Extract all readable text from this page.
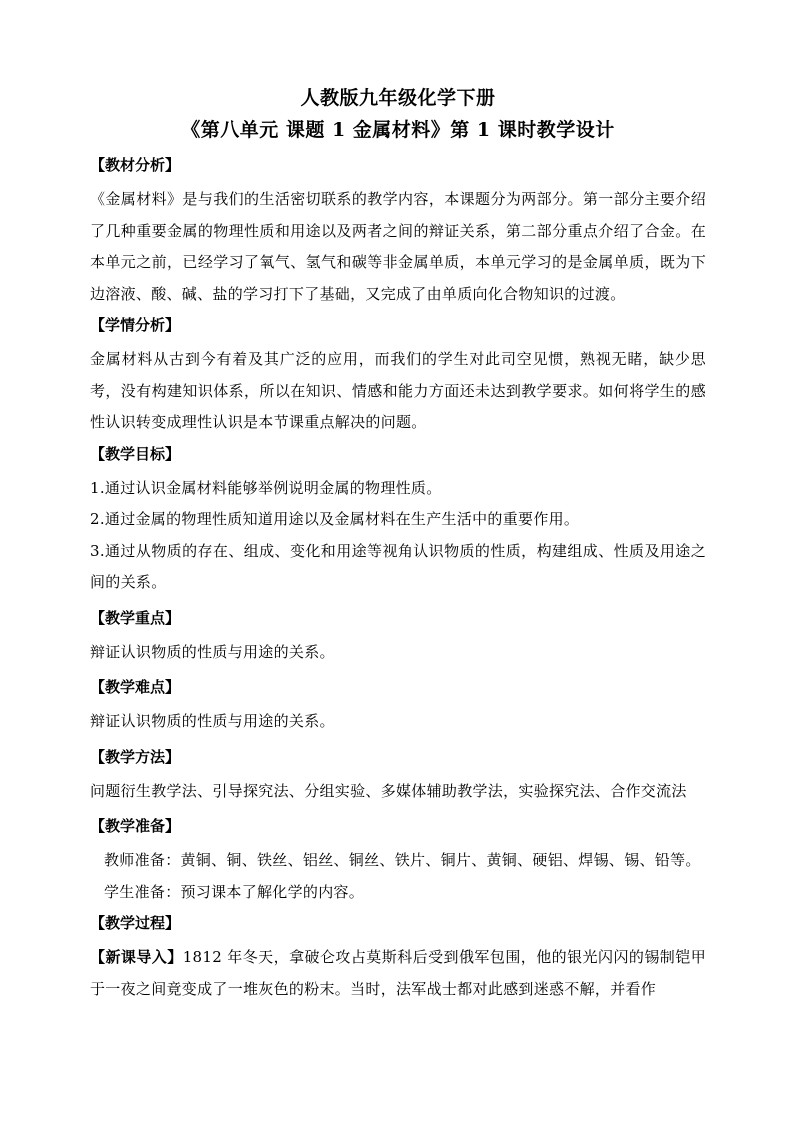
人教版九年级化学下册
《第八单元 课题 1 金属材料》第 1 课时教学设计

【教材分析】

《金属材料》是与我们的生活密切联系的教学内容，本课题分为两部分。第一部分主要介绍了几种重要金属的物理性质和用途以及两者之间的辩证关系，第二部分重点介绍了合金。在本单元之前，已经学习了氧气、氢气和碳等非金属单质，本单元学习的是金属单质，既为下边溶液、酸、碱、盐的学习打下了基础，又完成了由单质向化合物知识的过渡。

【学情分析】

金属材料从古到今有着及其广泛的应用，而我们的学生对此司空见惯，熟视无睹，缺少思考，没有构建知识体系，所以在知识、情感和能力方面还未达到教学要求。如何将学生的感性认识转变成理性认识是本节课重点解决的问题。

【教学目标】

1.通过认识金属材料能够举例说明金属的物理性质。

2.通过金属的物理性质知道用途以及金属材料在生产生活中的重要作用。

3.通过从物质的存在、组成、变化和用途等视角认识物质的性质，构建组成、性质及用途之间的关系。

【教学重点】

辩证认识物质的性质与用途的关系。

【教学难点】

辩证认识物质的性质与用途的关系。

【教学方法】

问题衍生教学法、引导探究法、分组实验、多媒体辅助教学法，实验探究法、合作交流法

【教学准备】

教师准备：黄铜、铜、铁丝、铝丝、铜丝、铁片、铜片、黄铜、硬铝、焊锡、锡、铅等。

学生准备：预习课本了解化学的内容。

【教学过程】

【新课导入】1812 年冬天，拿破仑攻占莫斯科后受到俄军包围，他的银光闪闪的锡制铠甲于一夜之间竟变成了一堆灰色的粉末。当时，法军战士都对此感到迷惑不解，并看作
